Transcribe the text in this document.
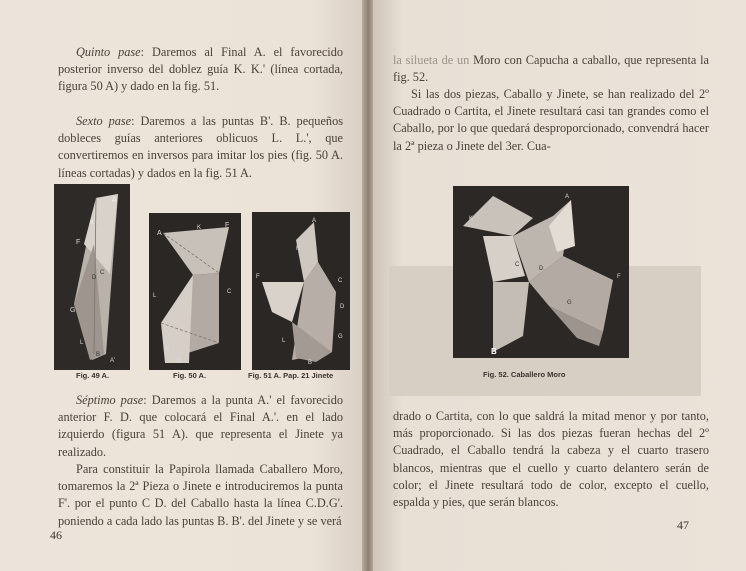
Quinto pase: Daremos al Final A. el favorecido posterior inverso del doblez guía K. K.' (línea cortada, figura 50 A) y dado en la fig. 51.

Sexto pase: Daremos a las puntas B'. B. pequeños dobleces guías anteriores oblicuos L. L.', que convertiremos en inversos para imitar los pies (fig. 50 A. líneas cortadas) y dados en la fig. 51 A.

A
K
F
C
D
G
L
B
A'
Fig. 49 A.
A
K	F
L
C
D
B
Fig. 50 A.
A
K
C
D
F
G
L
B
Fig. 51 A. Pap. 21 Jinete

Séptimo pase: Daremos a la punta A.' el favorecido anterior F. D. que colocará el Final A.'. en el lado izquierdo (figura 51 A). que representa el Jinete ya realizado.

Para constituir la Papirola llamada Caballero Moro, tomaremos la 2ª Pieza o Jinete e introduciremos la punta F'. por el punto C D. del Caballo hasta la línea C.D.G'. poniendo a cada lado las puntas B. B'. del Jinete y se verá

46

la silueta de un Moro con Capucha a caballo, que representa la fig. 52.

Si las dos piezas, Caballo y Jinete, se han realizado del 2º Cuadrado o Cartita, el Jinete resultará casi tan grandes como el Caballo, por lo que quedará desproporcionado, convendrá hacer la 2ª pieza o Jinete del 3er. Cua-

K
A
C
D
F
B
L
G
Fig. 52. Caballero Moro

drado o Cartita, con lo que saldrá la mitad menor y por tanto, más proporcionado. Si las dos piezas fueran hechas del 2º Cuadrado, el Caballo tendrá la cabeza y el cuarto trasero blancos, mientras que el cuello y cuarto delantero serán de color; el Jinete resultará todo de color, excepto el cuello, espalda y pies, que serán blancos.

47
